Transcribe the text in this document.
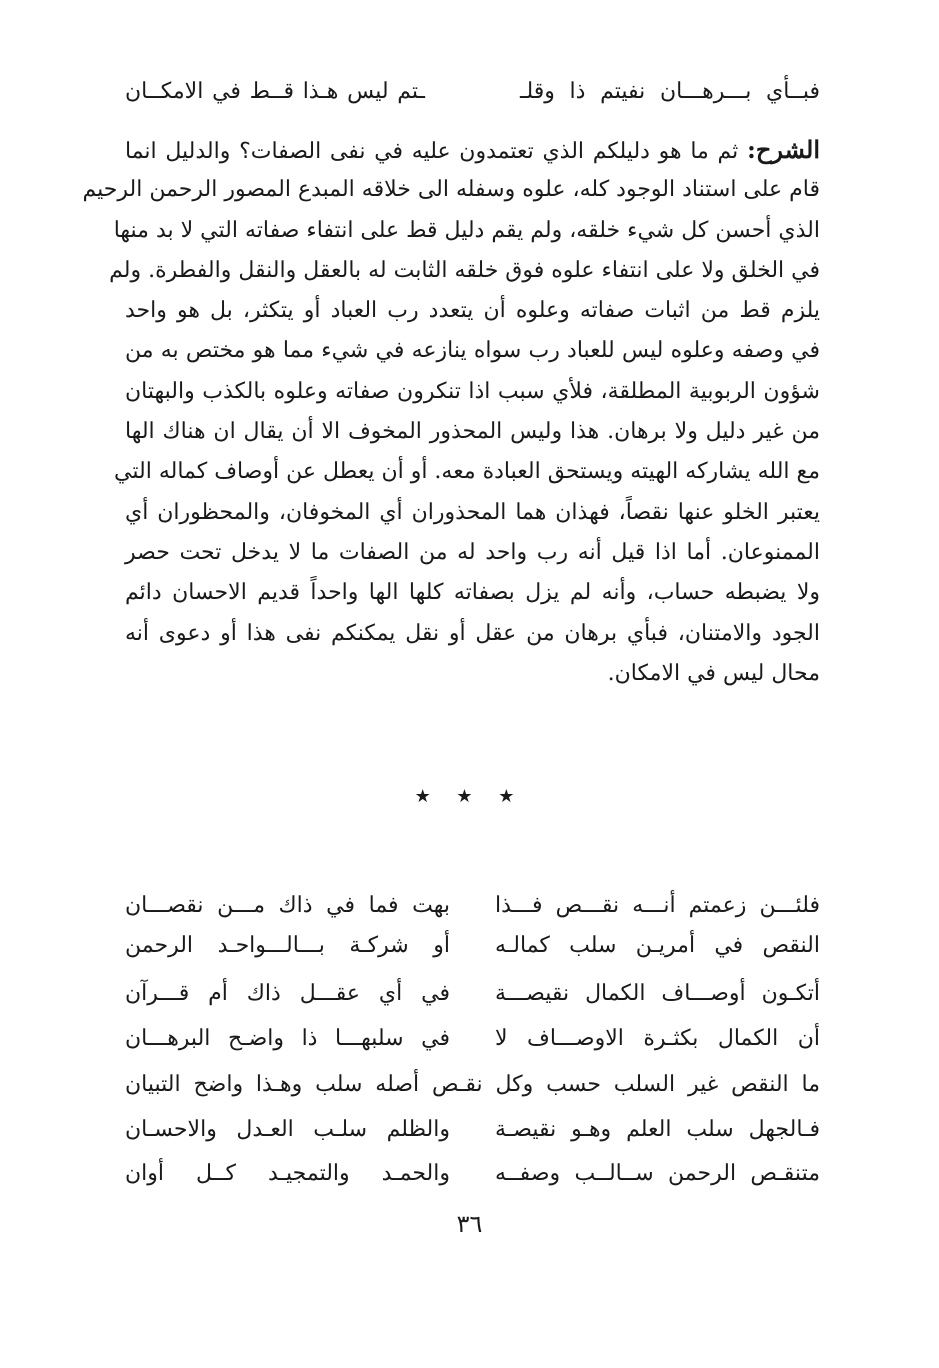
فبــأي بـــرهـــان نفيتم ذا وقلـ
ـتم ليس هـذا قــط في الامكــان
الشرح: ثم ما هو دليلكم الذي تعتمدون عليه في نفى الصفات؟ والدليل انما
قام على استناد الوجود كله، علوه وسفله الى خلاقه المبدع المصور الرحمن الرحيم
الذي أحسن كل شيء خلقه، ولم يقم دليل قط على انتفاء صفاته التي لا بد منها
في الخلق ولا على انتفاء علوه فوق خلقه الثابت له بالعقل والنقل والفطرة. ولم
يلزم قط من اثبات صفاته وعلوه أن يتعدد رب العباد أو يتكثر، بل هو واحد
في وصفه وعلوه ليس للعباد رب سواه ينازعه في شيء مما هو مختص به من
شؤون الربوبية المطلقة، فلأي سبب اذا تنكرون صفاته وعلوه بالكذب والبهتان
من غير دليل ولا برهان. هذا وليس المحذور المخوف الا أن يقال ان هناك الها
مع الله يشاركه الهيته ويستحق العبادة معه. أو أن يعطل عن أوصاف كماله التي
يعتبر الخلو عنها نقصاً، فهذان هما المحذوران أي المخوفان، والمحظوران أي
الممنوعان. أما اذا قيل أنه رب واحد له من الصفات ما لا يدخل تحت حصر
ولا يضبطه حساب، وأنه لم يزل بصفاته كلها الها واحداً قديم الاحسان دائم
الجود والامتنان، فبأي برهان من عقل أو نقل يمكنكم نفى هذا أو دعوى أنه
محال ليس في الامكان.
★ ★ ★
فلئـــن زعمتم أنـــه نقـــص فـــذا
بهت فما في ذاك مـــن نقصـــان
النقص في أمريـن سلب كمالـه
أو شركـة بـــالـــواحـد الرحمن
أتكـون أوصـــاف الكمال نقيصـــة
في أي عقـــل ذاك أم قـــرآن
أن الكمال بكثـرة الاوصـــاف لا
في سلبهـــا ذا واضـح البرهـــان
ما النقص غير السلب حسب وكل نقـص أصله سلب وهـذا واضح التبيان
فـالجهل سلب العلم وهـو نقيصـة
والظلم سلـب العـدل والاحسـان
متنقـص الرحمن ســالــب وصفــه
والحمـد والتمجيـد كــل أوان
٣٦
